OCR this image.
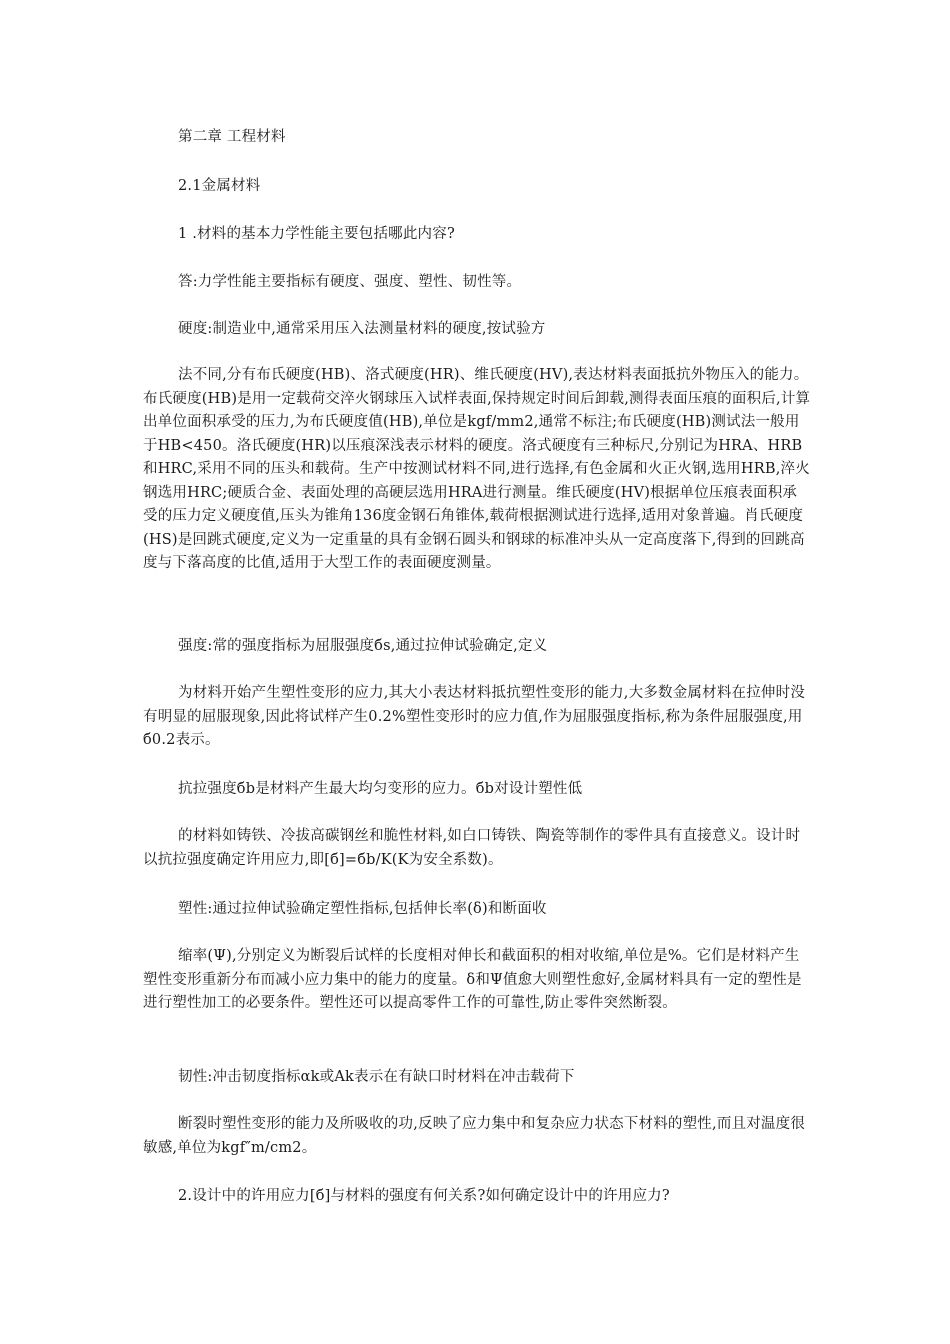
第二章 工程材料

2.1金属材料

1 .材料的基本力学性能主要包括哪此内容?

答:力学性能主要指标有硬度、强度、塑性、韧性等。

硬度:制造业中,通常采用压入法测量材料的硬度,按试验方

法不同,分有布氏硬度(HB)、洛式硬度(HR)、维氏硬度(HV),表达材料表面抵抗外物压入的能力。布氏硬度(HB)是用一定载荷交淬火钢球压入试样表面,保持规定时间后卸载,测得表面压痕的面积后,计算出单位面积承受的压力,为布氏硬度值(HB),单位是kgf/mm2,通常不标注;布氏硬度(HB)测试法一般用于HB<450。洛氏硬度(HR)以压痕深浅表示材料的硬度。洛式硬度有三种标尺,分别记为HRA、HRB和HRC,采用不同的压头和载荷。生产中按测试材料不同,进行选择,有色金属和火正火钢,选用HRB,淬火钢选用HRC;硬质合金、表面处理的高硬层选用HRA进行测量。维氏硬度(HV)根据单位压痕表面积承受的压力定义硬度值,压头为锥角136度金钢石角锥体,载荷根据测试进行选择,适用对象普遍。肖氏硬度(HS)是回跳式硬度,定义为一定重量的具有金钢石圆头和钢球的标准冲头从一定高度落下,得到的回跳高度与下落高度的比值,适用于大型工作的表面硬度测量。

强度:常的强度指标为屈服强度бs,通过拉伸试验确定,定义

为材料开始产生塑性变形的应力,其大小表达材料抵抗塑性变形的能力,大多数金属材料在拉伸时没有明显的屈服现象,因此将试样产生0.2%塑性变形时的应力值,作为屈服强度指标,称为条件屈服强度,用б0.2表示。

抗拉强度бb是材料产生最大均匀变形的应力。бb对设计塑性低

的材料如铸铁、冷拔高碳钢丝和脆性材料,如白口铸铁、陶瓷等制作的零件具有直接意义。设计时以抗拉强度确定许用应力,即[б]=бb/K(K为安全系数)。

塑性:通过拉伸试验确定塑性指标,包括伸长率(δ)和断面收

缩率(Ψ),分别定义为断裂后试样的长度相对伸长和截面积的相对收缩,单位是%。它们是材料产生塑性变形重新分布而减小应力集中的能力的度量。δ和Ψ值愈大则塑性愈好,金属材料具有一定的塑性是进行塑性加工的必要条件。塑性还可以提高零件工作的可靠性,防止零件突然断裂。

韧性:冲击韧度指标αk或Ak表示在有缺口时材料在冲击载荷下

断裂时塑性变形的能力及所吸收的功,反映了应力集中和复杂应力状态下材料的塑性,而且对温度很敏感,单位为kgf″m/cm2。

2.设计中的许用应力[б]与材料的强度有何关系?如何确定设计中的许用应力?
